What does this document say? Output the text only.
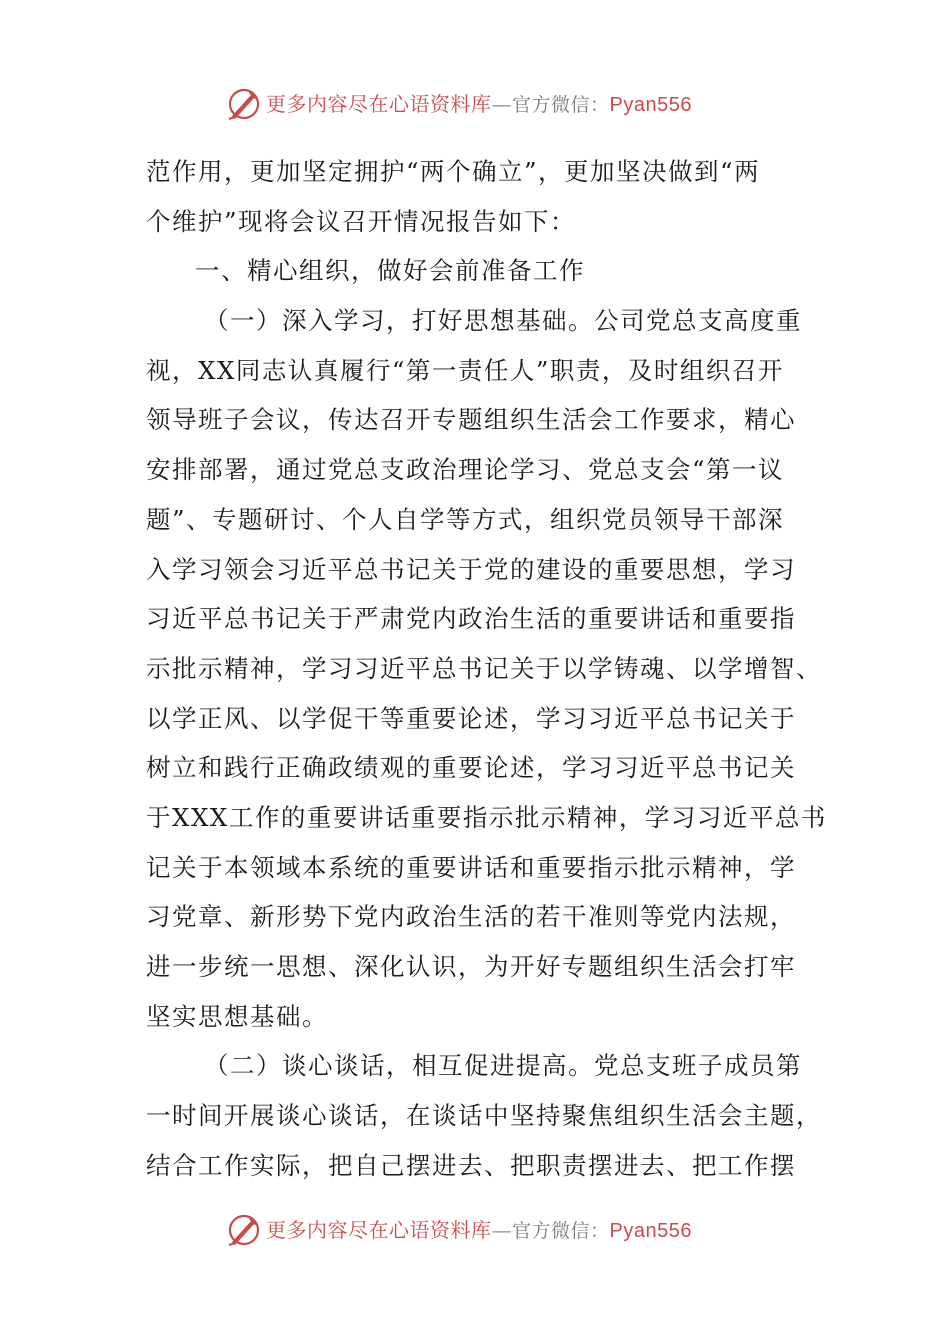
更多内容尽在心语资料库—官方微信：Pyan556
范作用，更加坚定拥护“两个确立”，更加坚决做到“两
个维护”现将会议召开情况报告如下：
一、精心组织，做好会前准备工作
（一）深入学习，打好思想基础。公司党总支高度重
视，XX同志认真履行“第一责任人”职责，及时组织召开
领导班子会议，传达召开专题组织生活会工作要求，精心
安排部署，通过党总支政治理论学习、党总支会“第一议
题”、专题研讨、个人自学等方式，组织党员领导干部深
入学习领会习近平总书记关于党的建设的重要思想，学习
习近平总书记关于严肃党内政治生活的重要讲话和重要指
示批示精神，学习习近平总书记关于以学铸魂、以学增智、
以学正风、以学促干等重要论述，学习习近平总书记关于
树立和践行正确政绩观的重要论述，学习习近平总书记关
于XXX工作的重要讲话重要指示批示精神，学习习近平总书
记关于本领域本系统的重要讲话和重要指示批示精神，学
习党章、新形势下党内政治生活的若干准则等党内法规，
进一步统一思想、深化认识，为开好专题组织生活会打牢
坚实思想基础。
（二）谈心谈话，相互促进提高。党总支班子成员第
一时间开展谈心谈话，在谈话中坚持聚焦组织生活会主题，
结合工作实际，把自己摆进去、把职责摆进去、把工作摆
更多内容尽在心语资料库—官方微信：Pyan556
